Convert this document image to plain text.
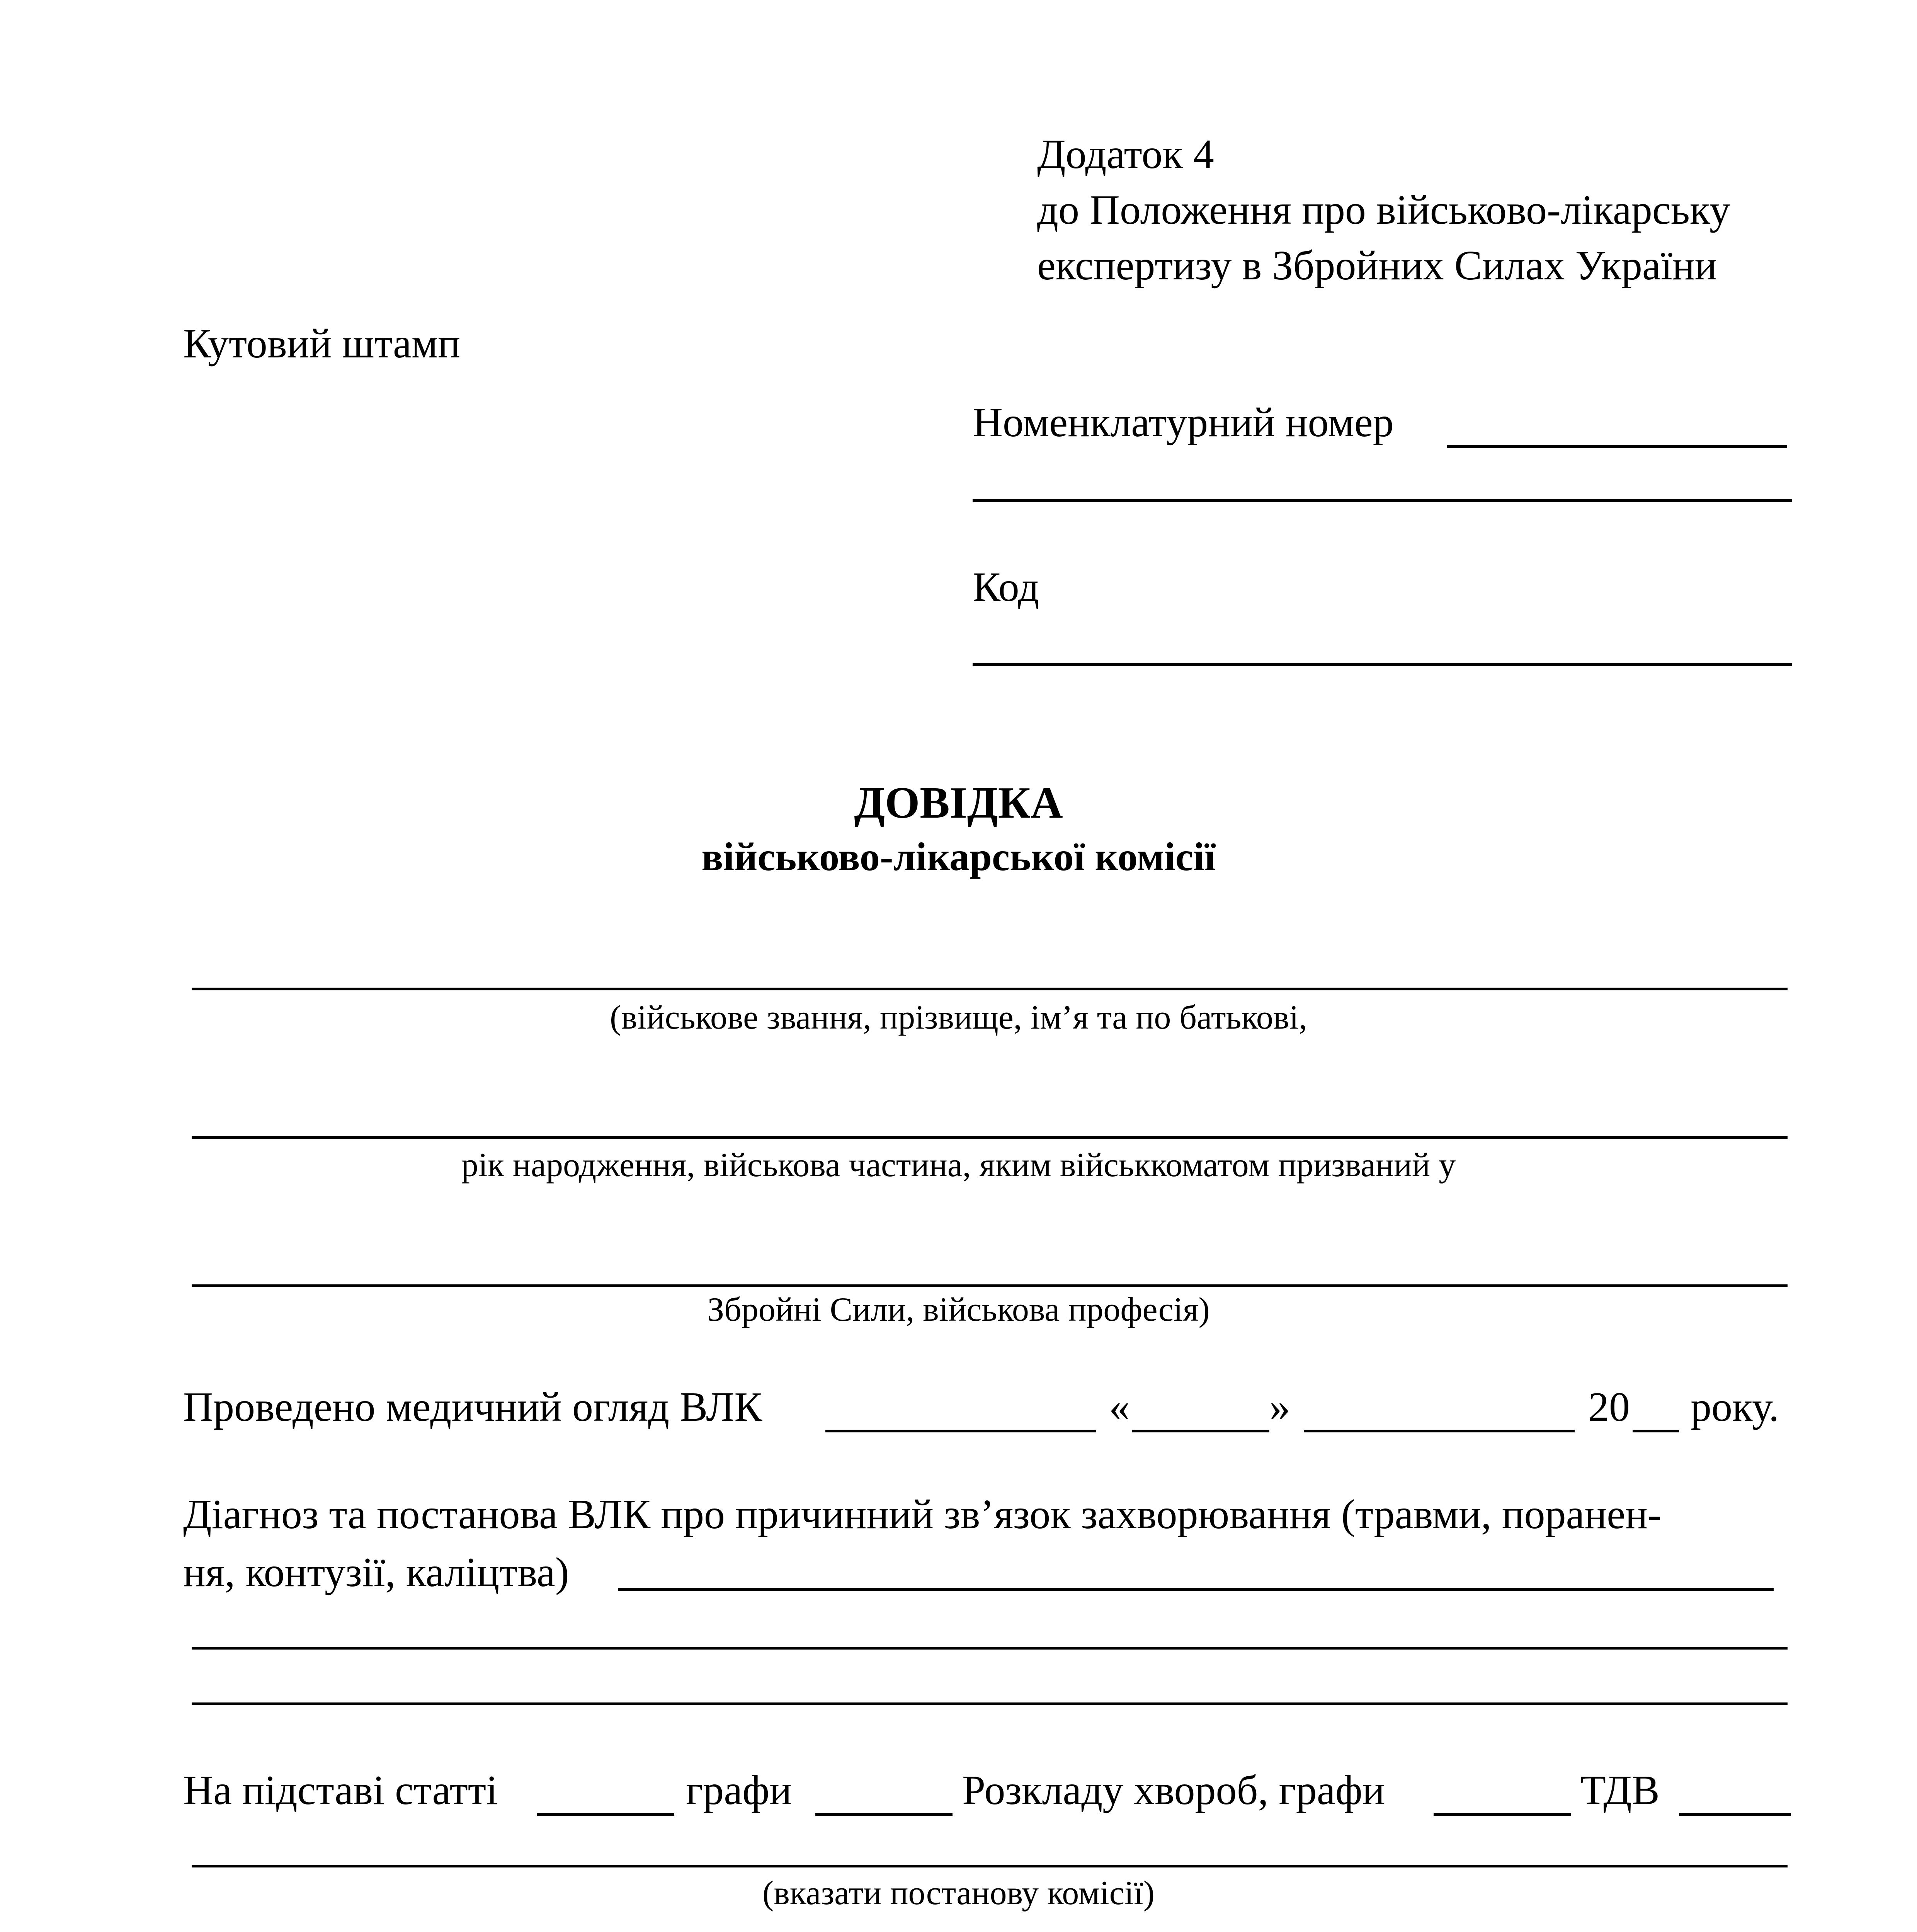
Додаток 4
до Положення про військово-лікарську
експертизу в Збройних Силах України
Кутовий штамп
Номенклатурний номер
Код
ДОВІДКА
військово-лікарської комісії
(військове звання, прізвище, ім’я та по батькові,
рік народження, військова частина, яким військкоматом призваний у
Збройні Сили, військова професія)
Проведено медичний огляд ВЛК	«	»	20 року.
Діагноз та постанова ВЛК про причинний зв’язок захворювання (травми, поранен-
ня, контузії, каліцтва)
На підставі статті	графи	Розкладу хвороб, графи	ТДВ
(вказати постанову комісії)
